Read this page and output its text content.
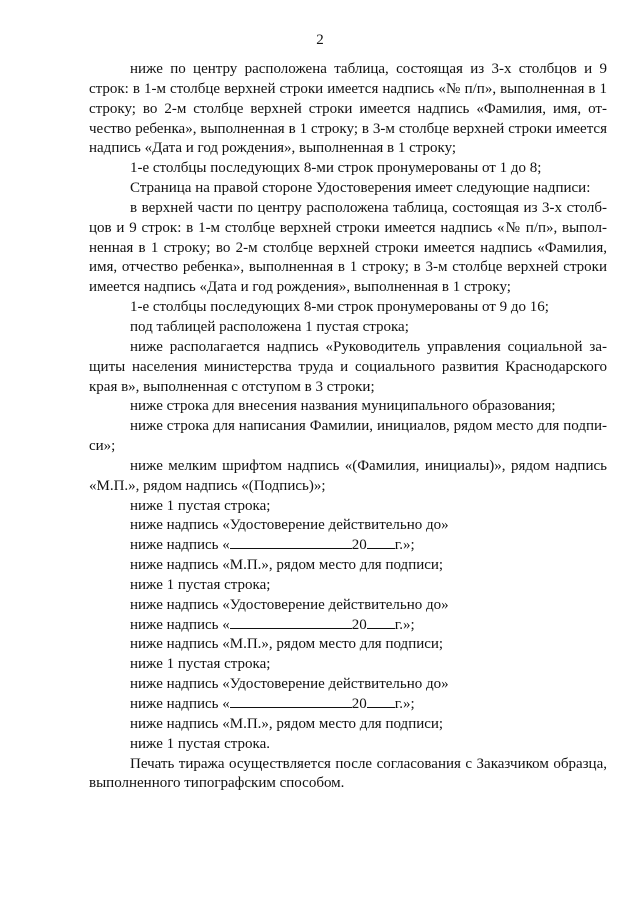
2

ниже по центру расположена таблица, состоящая из 3-х столбцов и 9 строк: в 1-м столбце верхней строки имеется надпись «№ п/п», выполненная в 1 строку; во 2-м столбце верхней строки имеется надпись «Фамилия, имя, отчество ребенка», выполненная в 1 строку; в 3-м столбце верхней строки имеется надпись «Дата и год рождения», выполненная в 1 строку;

1-е столбцы последующих 8-ми строк пронумерованы от 1 до 8;

Страница на правой стороне Удостоверения имеет следующие надписи:

в верхней части по центру расположена таблица, состоящая из 3-х столбцов и 9 строк: в 1-м столбце верхней строки имеется надпись «№ п/п», выполненная в 1 строку; во 2-м столбце верхней строки имеется надпись «Фамилия, имя, отчество ребенка», выполненная в 1 строку; в 3-м столбце верхней строки имеется надпись «Дата и год рождения», выполненная в 1 строку;

1-е столбцы последующих 8-ми строк пронумерованы от 9 до 16;

под таблицей расположена 1 пустая строка;

ниже располагается надпись «Руководитель управления социальной защиты населения министерства труда и социального развития Краснодарского края в», выполненная с отступом в 3 строки;

ниже строка для внесения названия муниципального образования;

ниже строка для написания Фамилии, инициалов, рядом место для подписи»;

ниже мелким шрифтом надпись «(Фамилия, инициалы)», рядом надпись «М.П.», рядом надпись «(Подпись)»;

ниже 1 пустая строка;

ниже надпись «Удостоверение действительно до»

ниже надпись «	20 г.»;

ниже надпись «М.П.», рядом место для подписи;

ниже 1 пустая строка;

ниже надпись «Удостоверение действительно до»

ниже надпись «	20 г.»;

ниже надпись «М.П.», рядом место для подписи;

ниже 1 пустая строка;

ниже надпись «Удостоверение действительно до»

ниже надпись «	20 г.»;

ниже надпись «М.П.», рядом место для подписи;

ниже 1 пустая строка.

Печать тиража осуществляется после согласования с Заказчиком образца, выполненного типографским способом.
